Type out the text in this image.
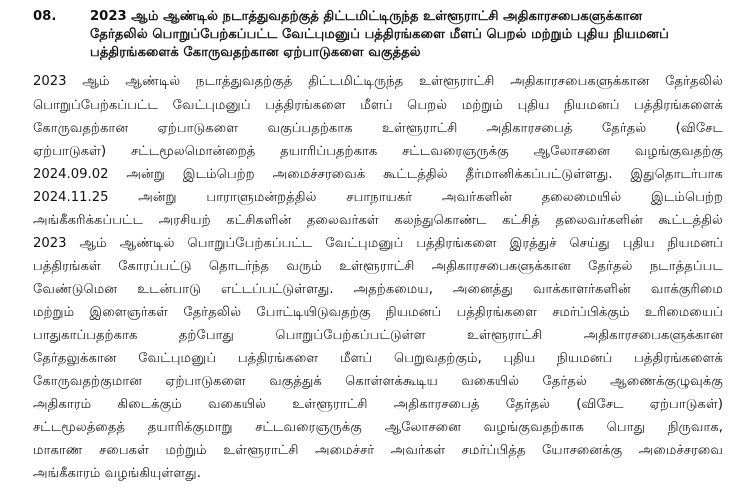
08.	2023 ஆம் ஆண்டில் நடாத்துவதற்குத் திட்டமிட்டிருந்த உள்ளூராட்சி அதிகாரசபைகளுக்கான
தேர்தலில் பொறுப்பேற்கப்பட்ட வேட்புமனுப் பத்திரங்களை மீளப் பெறல் மற்றும் புதிய நியமனப்
பத்திரங்களைக் கோருவதற்கான ஏற்பாடுகளை வகுத்தல்
2023 ஆம் ஆண்டில் நடாத்துவதற்குத் திட்டமிட்டிருந்த உள்ளூராட்சி அதிகாரசபைகளுக்கான தேர்தலில்
பொறுப்பேற்கப்பட்ட வேட்புமனுப் பத்திரங்களை மீளப் பெறல் மற்றும் புதிய நியமனப் பத்திரங்களைக்
கோருவதற்கான ஏற்பாடுகளை வகுப்பதற்காக உள்ளூராட்சி அதிகாரசபைத் தேர்தல் (விசேட
ஏற்பாடுகள்) சட்டமூலமொன்றைத் தயாரிப்பதற்காக சட்டவரைஞருக்கு ஆலோசனை வழங்குவதற்கு
2024.09.02 அன்று இடம்பெற்ற அமைச்சரவைக் கூட்டத்தில் தீர்மானிக்கப்பட்டுள்ளது. இதுதொடர்பாக
2024.11.25 அன்று பாராளுமன்றத்தில் சபாநாயகர் அவர்களின் தலைமையில் இடம்பெற்ற
அங்கீகரிக்கப்பட்ட அரசியற் கட்சிகளின் தலைவர்கள் கலந்துகொண்ட கட்சித் தலைவர்களின் கூட்டத்தில்
2023 ஆம் ஆண்டில் பொறுப்பேற்கப்பட்ட வேட்புமனுப் பத்திரங்களை இரத்துச் செய்து புதிய நியமனப்
பத்திரங்கள் கோரப்பட்டு தொடர்ந்த வரும் உள்ளூராட்சி அதிகாரசபைகளுக்கான தேர்தல் நடாத்தப்பட
வேண்டுமென உடன்பாடு எட்டப்பட்டுள்ளது. அதற்கமைய, அனைத்து வாக்காளர்களின் வாக்குரிமை
மற்றும் இளைஞர்கள் தேர்தலில் போட்டியிடுவதற்கு நியமனப் பத்திரங்களை சமர்ப்பிக்கும் உரிமையைப்
பாதுகாப்பதற்காக தற்போது பொறுப்பேற்கப்பட்டுள்ள உள்ளூராட்சி அதிகாரசபைகளுக்கான
தேர்தலுக்கான வேட்புமனுப் பத்திரங்களை மீளப் பெறுவதற்கும், புதிய நியமனப் பத்திரங்களைக்
கோருவதற்குமான ஏற்பாடுகளை வகுத்துக் கொள்ளக்கூடிய வகையில் தேர்தல் ஆணைக்குழுவுக்கு
அதிகாரம் கிடைக்கும் வகையில் உள்ளூராட்சி அதிகாரசபைத் தேர்தல் (விசேட ஏற்பாடுகள்)
சட்டமூலத்தைத் தயாரிக்குமாறு சட்டவரைஞருக்கு ஆலோசனை வழங்குவதற்காக பொது நிருவாக,
மாகாண சபைகள் மற்றும் உள்ளூராட்சி அமைச்சர் அவர்கள் சமர்ப்பித்த யோசனைக்கு அமைச்சரவை
அங்கீகாரம் வழங்கியுள்ளது.
